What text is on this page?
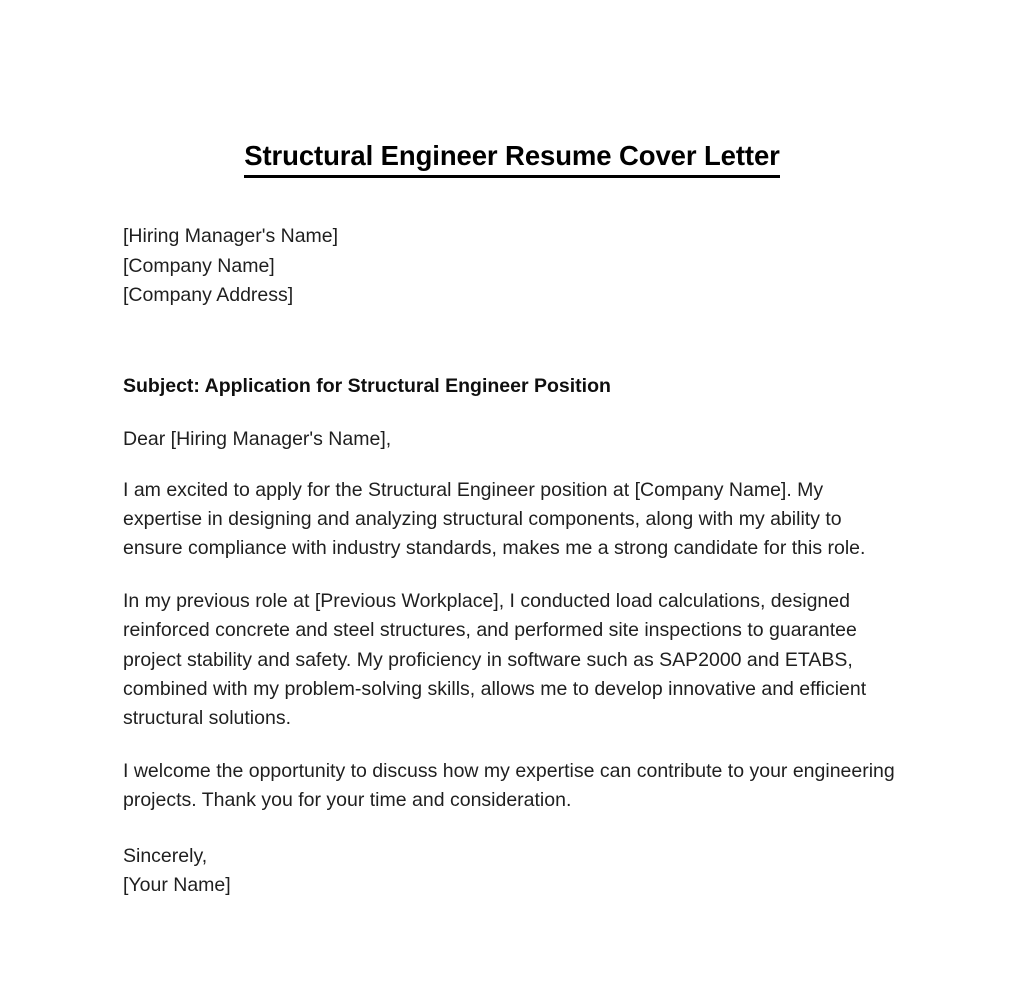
Structural Engineer Resume Cover Letter
[Hiring Manager's Name]
[Company Name]
[Company Address]
Subject: Application for Structural Engineer Position
Dear [Hiring Manager's Name],

I am excited to apply for the Structural Engineer position at [Company Name]. My expertise in designing and analyzing structural components, along with my ability to ensure compliance with industry standards, makes me a strong candidate for this role.

In my previous role at [Previous Workplace], I conducted load calculations, designed reinforced concrete and steel structures, and performed site inspections to guarantee project stability and safety. My proficiency in software such as SAP2000 and ETABS, combined with my problem-solving skills, allows me to develop innovative and efficient structural solutions.

I welcome the opportunity to discuss how my expertise can contribute to your engineering projects. Thank you for your time and consideration.

Sincerely,
[Your Name]
